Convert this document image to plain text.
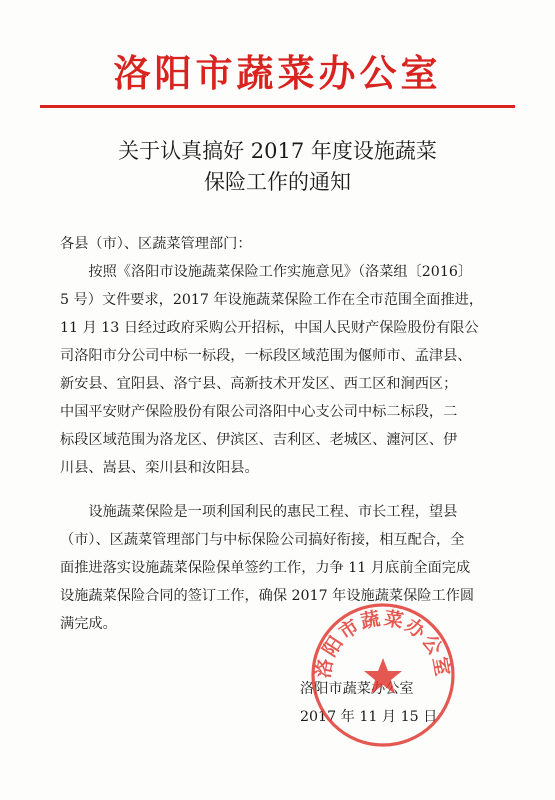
洛阳市蔬菜办公室
关于认真搞好 2017 年度设施蔬菜
保险工作的通知
各县（市）、区蔬菜管理部门：
　　按照《洛阳市设施蔬菜保险工作实施意见》（洛菜组〔2016〕
5 号）文件要求，2017 年设施蔬菜保险工作在全市范围全面推进，
11 月 13 日经过政府采购公开招标，中国人民财产保险股份有限公
司洛阳市分公司中标一标段，一标段区域范围为偃师市、孟津县、
新安县、宜阳县、洛宁县、高新技术开发区、西工区和涧西区；
中国平安财产保险股份有限公司洛阳中心支公司中标二标段，二
标段区域范围为洛龙区、伊滨区、吉利区、老城区、瀍河区、伊
川县、嵩县、栾川县和汝阳县。
　　设施蔬菜保险是一项利国利民的惠民工程、市长工程，望县
（市）、区蔬菜管理部门与中标保险公司搞好衔接，相互配合，全
面推进落实设施蔬菜保险保单签约工作，力争 11 月底前全面完成
设施蔬菜保险合同的签订工作，确保 2017 年设施蔬菜保险工作圆
满完成。
洛阳市蔬菜办公室
2017 年 11 月 15 日
洛阳市蔬菜办公室
